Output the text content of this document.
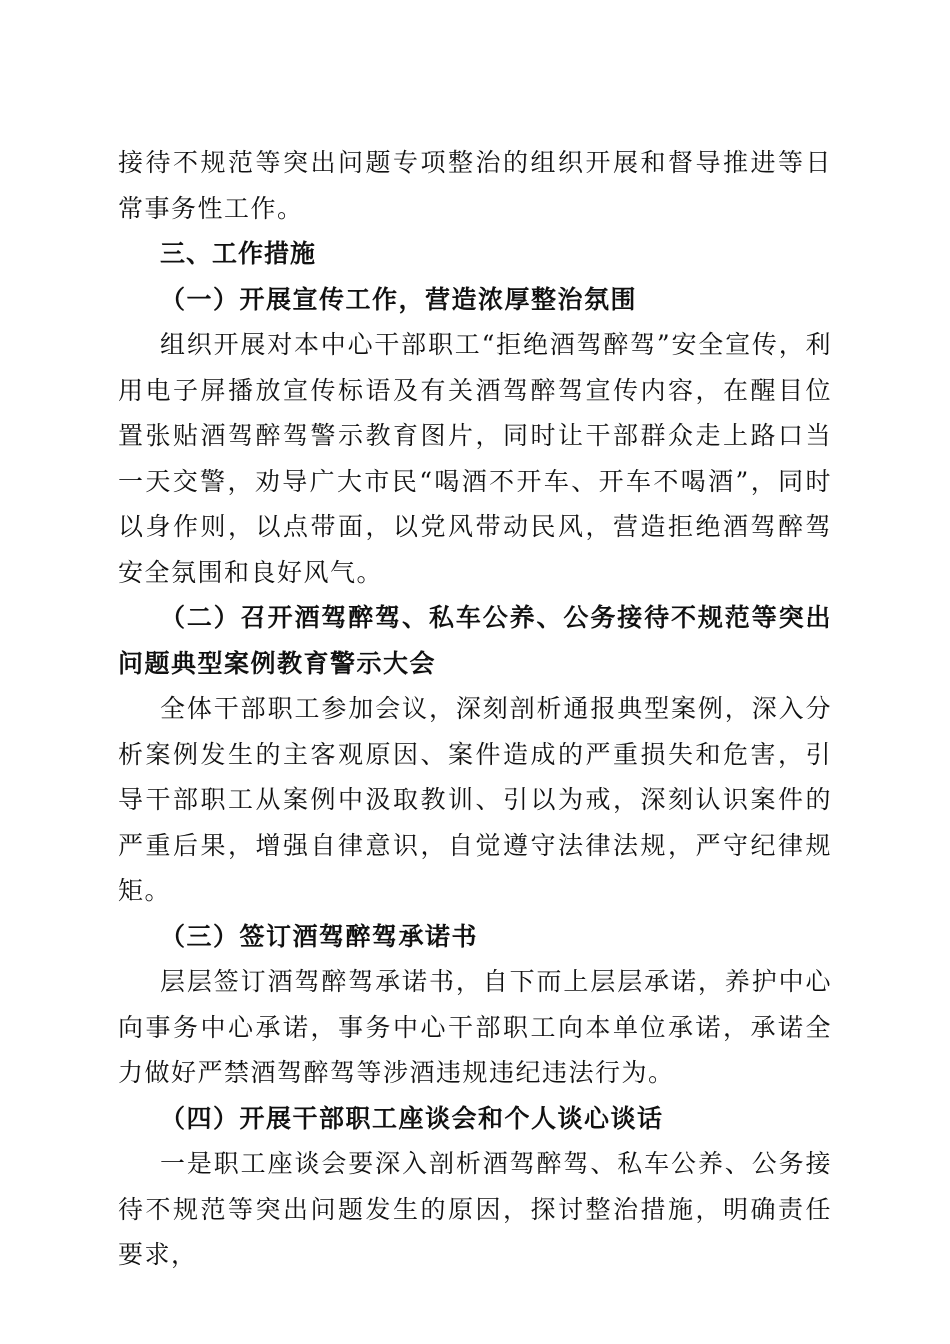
接待不规范等突出问题专项整治的组织开展和督导推进等日常事务性工作。

三、工作措施

（一）开展宣传工作，营造浓厚整治氛围

组织开展对本中心干部职工“拒绝酒驾醉驾”安全宣传，利用电子屏播放宣传标语及有关酒驾醉驾宣传内容，在醒目位置张贴酒驾醉驾警示教育图片，同时让干部群众走上路口当一天交警，劝导广大市民“喝酒不开车、开车不喝酒”，同时以身作则，以点带面，以党风带动民风，营造拒绝酒驾醉驾安全氛围和良好风气。

（二）召开酒驾醉驾、私车公养、公务接待不规范等突出问题典型案例教育警示大会

全体干部职工参加会议，深刻剖析通报典型案例，深入分析案例发生的主客观原因、案件造成的严重损失和危害，引导干部职工从案例中汲取教训、引以为戒，深刻认识案件的严重后果，增强自律意识，自觉遵守法律法规，严守纪律规矩。

（三）签订酒驾醉驾承诺书

层层签订酒驾醉驾承诺书，自下而上层层承诺，养护中心向事务中心承诺，事务中心干部职工向本单位承诺，承诺全力做好严禁酒驾醉驾等涉酒违规违纪违法行为。

（四）开展干部职工座谈会和个人谈心谈话

一是职工座谈会要深入剖析酒驾醉驾、私车公养、公务接待不规范等突出问题发生的原因，探讨整治措施，明确责任要求，
